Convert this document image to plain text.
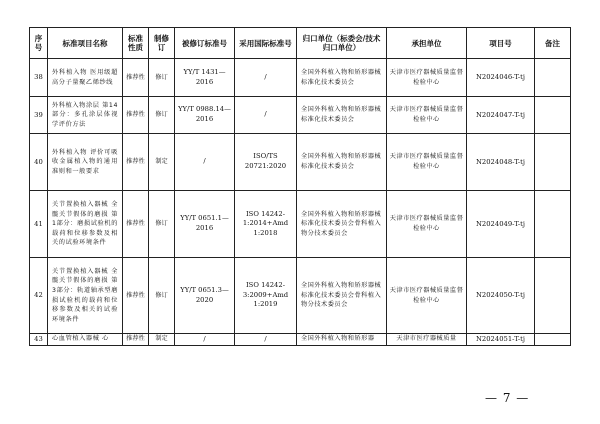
序号	标准项目名称	标准性质	制修订	被修订标准号	采用国际标准号	归口单位（标委会/技术归口单位）	承担单位	项目号	备注
38	外科植入物 医用级超高分子量聚乙烯纱线	推荐性	修订	YY/T 1431—2016	/	全国外科植入物和矫形器械标准化技术委员会	天津市医疗器械质量监督检验中心	N2024046-T-tj	
39	外科植入物涂层 第14部分：多孔涂层体视学评价方法	推荐性	修订	YY/T 0988.14—2016	/	全国外科植入物和矫形器械标准化技术委员会	天津市医疗器械质量监督检验中心	N2024047-T-tj	
40	外科植入物 评价可吸收金属植入物的通用准则和一般要求	推荐性	制定	/	ISO/TS 20721:2020	全国外科植入物和矫形器械标准化技术委员会	天津市医疗器械质量监督检验中心	N2024048-T-tj	
41	关节置换植入器械 全髋关节假体的磨损 第1部分：磨损试验机的载荷和位移参数及相关的试验环境条件	推荐性	修订	YY/T 0651.1—2016	ISO 14242-1:2014+Amd 1:2018	全国外科植入物和矫形器械标准化技术委员会骨科植入物分技术委员会	天津市医疗器械质量监督检验中心	N2024049-T-tj	
42	关节置换植入器械 全髋关节假体的磨损 第3部分：轨道轴承型磨损试验机的载荷和位移参数及相关的试验环境条件	推荐性	修订	YY/T 0651.3—2020	ISO 14242-3:2009+Amd 1:2019	全国外科植入物和矫形器械标准化技术委员会骨科植入物分技术委员会	天津市医疗器械质量监督检验中心	N2024050-T-tj	
43	心血管植入器械 心	推荐性	制定	/	/	全国外科植入物和矫形器	天津市医疗器械质量	N2024051-T-tj	
— 7 —
